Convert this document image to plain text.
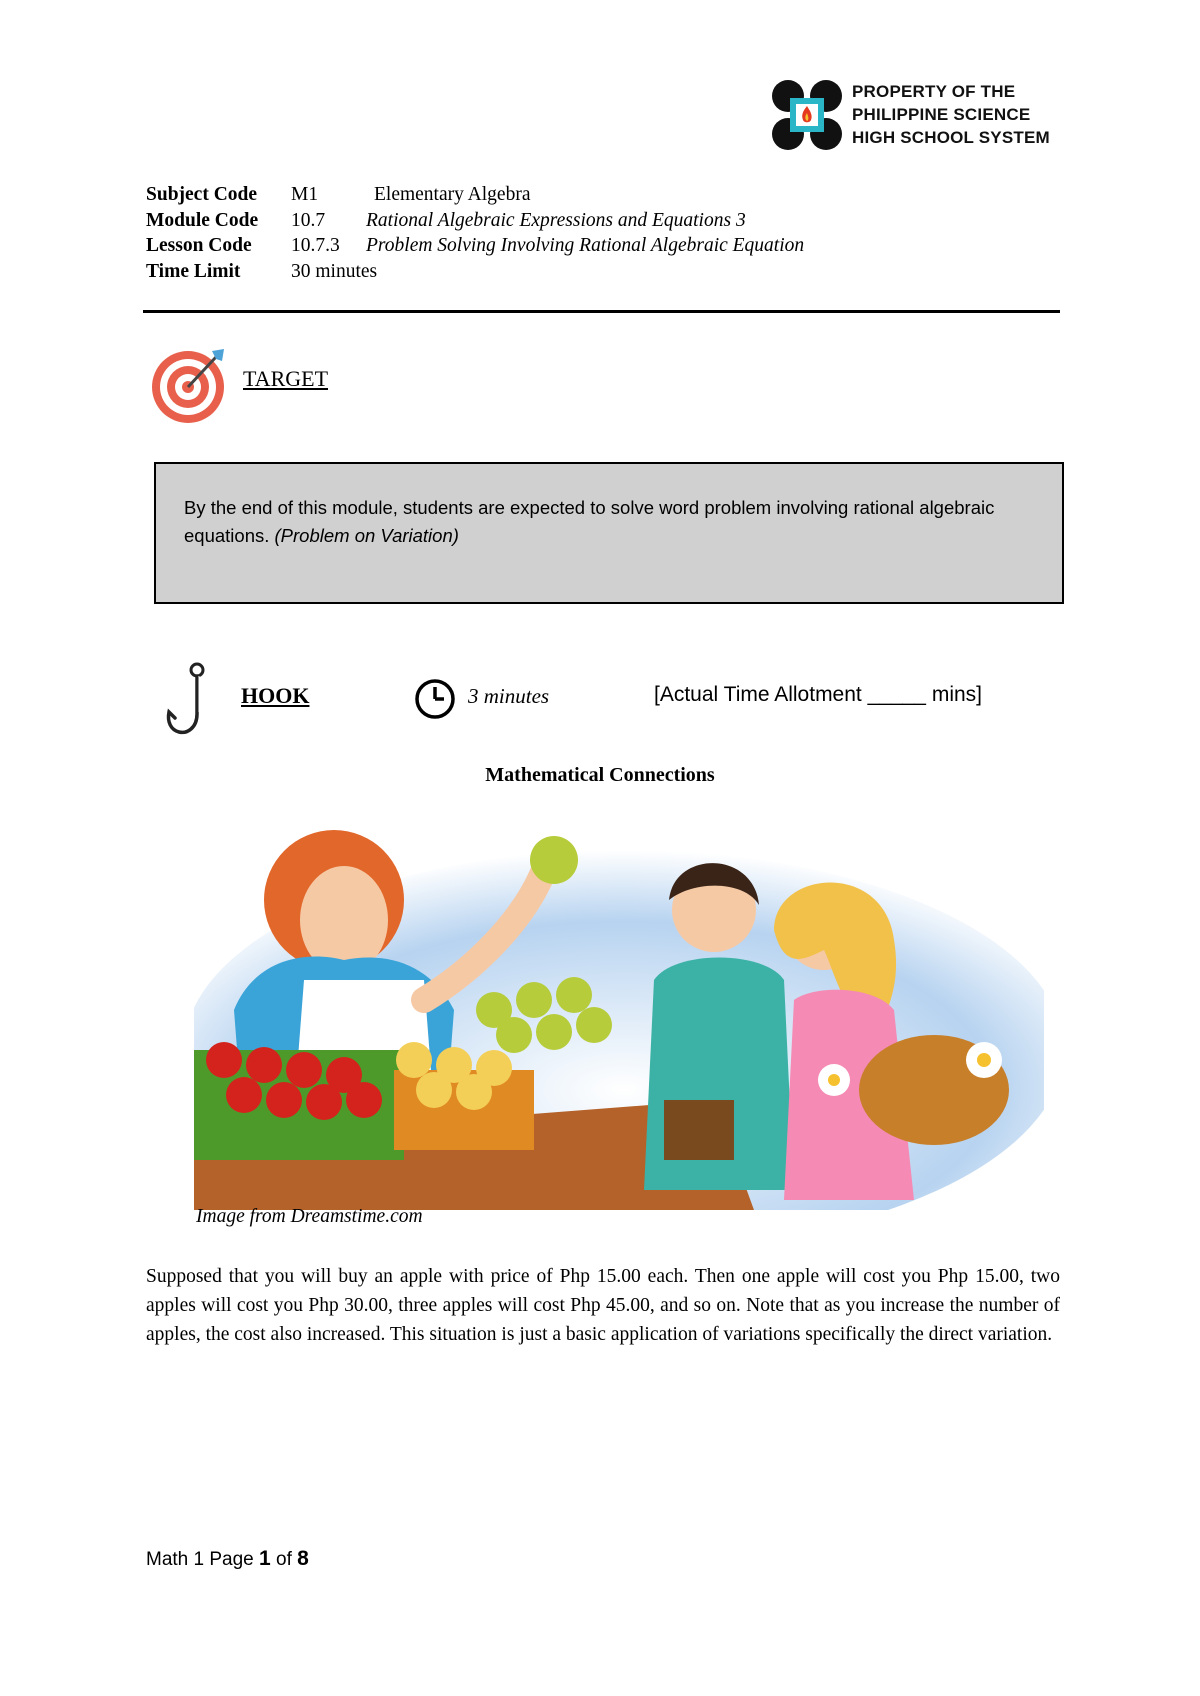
PROPERTY OF THE
PHILIPPINE SCIENCE
HIGH SCHOOL SYSTEM
Subject Code M1	Elementary Algebra
Module Code 10.7 Rational Algebraic Expressions and Equations 3
Lesson Code 10.7.3 Problem Solving Involving Rational Algebraic Equation
Time Limit	30 minutes
TARGET
By the end of this module, students are expected to solve word problem involving rational algebraic equations. (Problem on Variation)
HOOK	3 minutes	[Actual Time Allotment _____ mins]
Mathematical Connections
Image from Dreamstime.com
Supposed that you will buy an apple with price of Php 15.00 each. Then one apple will cost you Php 15.00, two apples will cost you Php 30.00, three apples will cost Php 45.00, and so on. Note that as you increase the number of apples, the cost also increased. This situation is just a basic application of variations specifically the direct variation.
Math 1 Page 1 of 8
